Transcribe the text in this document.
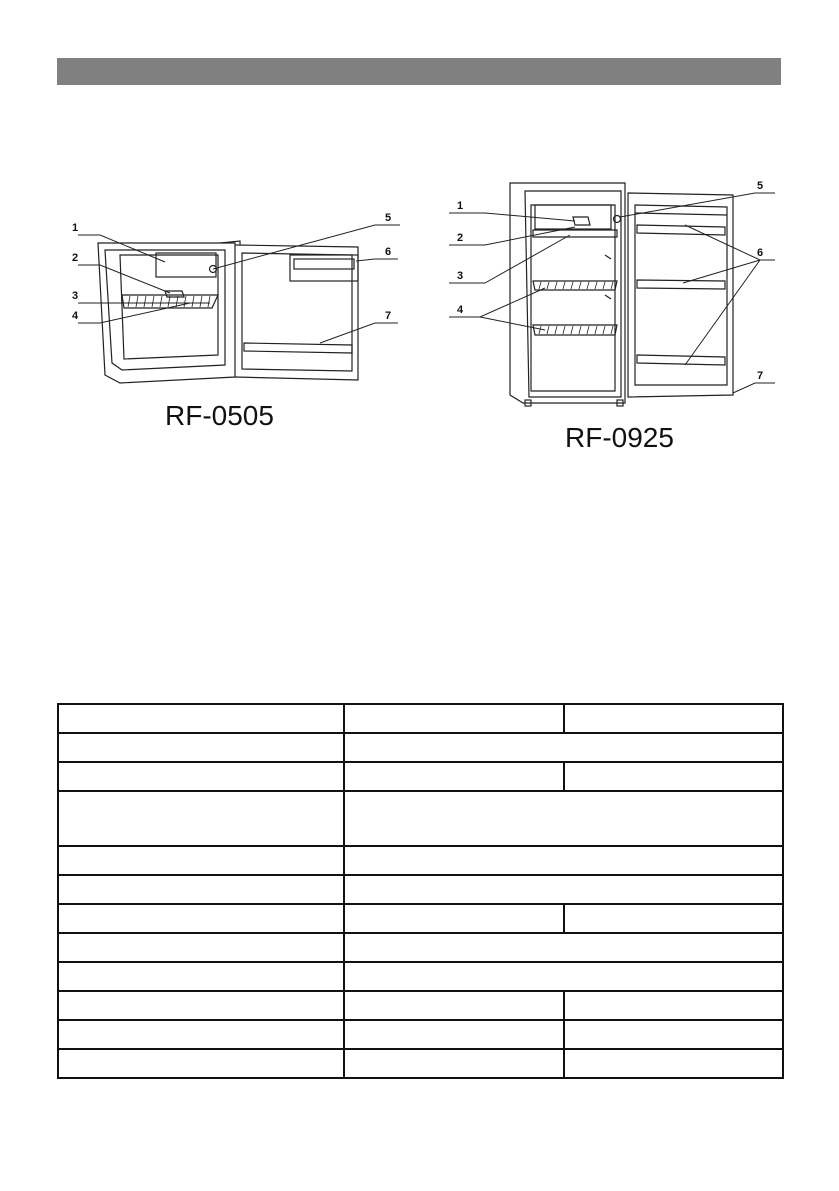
1
2
3
4
5
6
7
RF-0505
1
2
3
4
5
6
7
RF-0925
